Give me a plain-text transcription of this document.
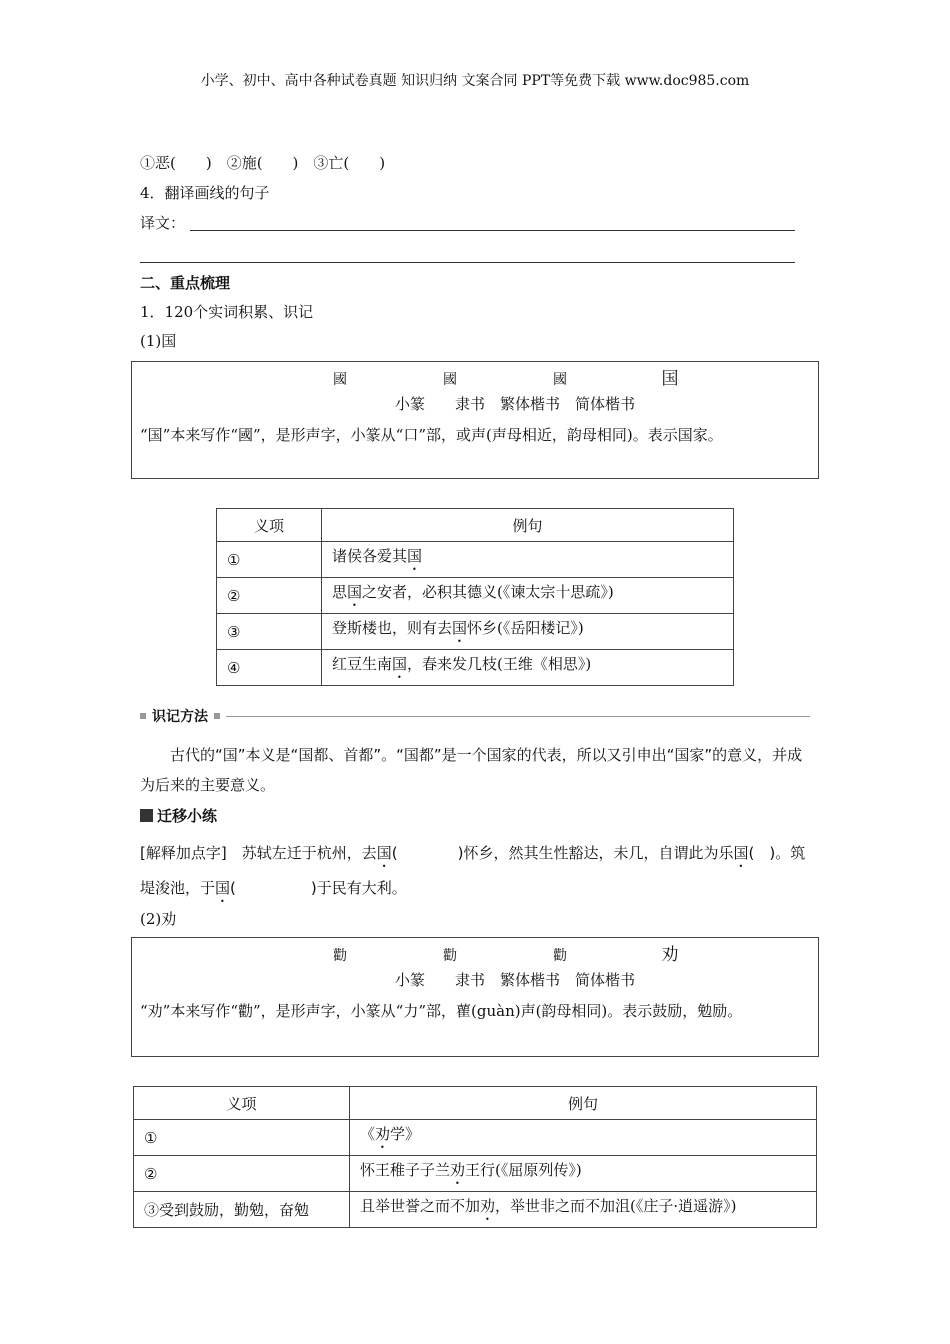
小学、初中、高中各种试卷真题 知识归纳 文案合同 PPT等免费下载 www.doc985.com
①恶(　　)　②施(　　)　③亡(　　)
4．翻译画线的句子
译文：
二、重点梳理
1．120个实词积累、识记
(1)国
國	國	國	国
小篆　　隶书　繁体楷书　简体楷书
“国”本来写作“國”，是形声字，小篆从“口”部，或声(声母相近，韵母相同)。表示国家。
义项	例句
①	诸侯各爱其国
②	思国之安者，必积其德义(《谏太宗十思疏》)
③	登斯楼也，则有去国怀乡(《岳阳楼记》)
④	红豆生南国，春来发几枝(王维《相思》)
识记方法
古代的“国”本义是“国都、首都”。“国都”是一个国家的代表，所以又引申出“国家”的意义，并成为后来的主要意义。
迁移小练
[解释加点字]　 苏轼左迁于杭州，去国(　　　　)怀乡，然其生性豁达，未几，自谓此为乐国(　 )。筑堤浚池，于国(　　　　　)于民有大利。
(2)劝
勸	勸	勸	劝
小篆　　隶书　繁体楷书　简体楷书
“劝”本来写作“勸”，是形声字，小篆从“力”部，雚(guàn)声(韵母相同)。表示鼓励，勉励。
义项	例句
①	《劝学》
②	怀王稚子子兰劝王行(《屈原列传》)
③受到鼓励，勤勉，奋勉	且举世誉之而不加劝，举世非之而不加沮(《庄子·逍遥游》)
